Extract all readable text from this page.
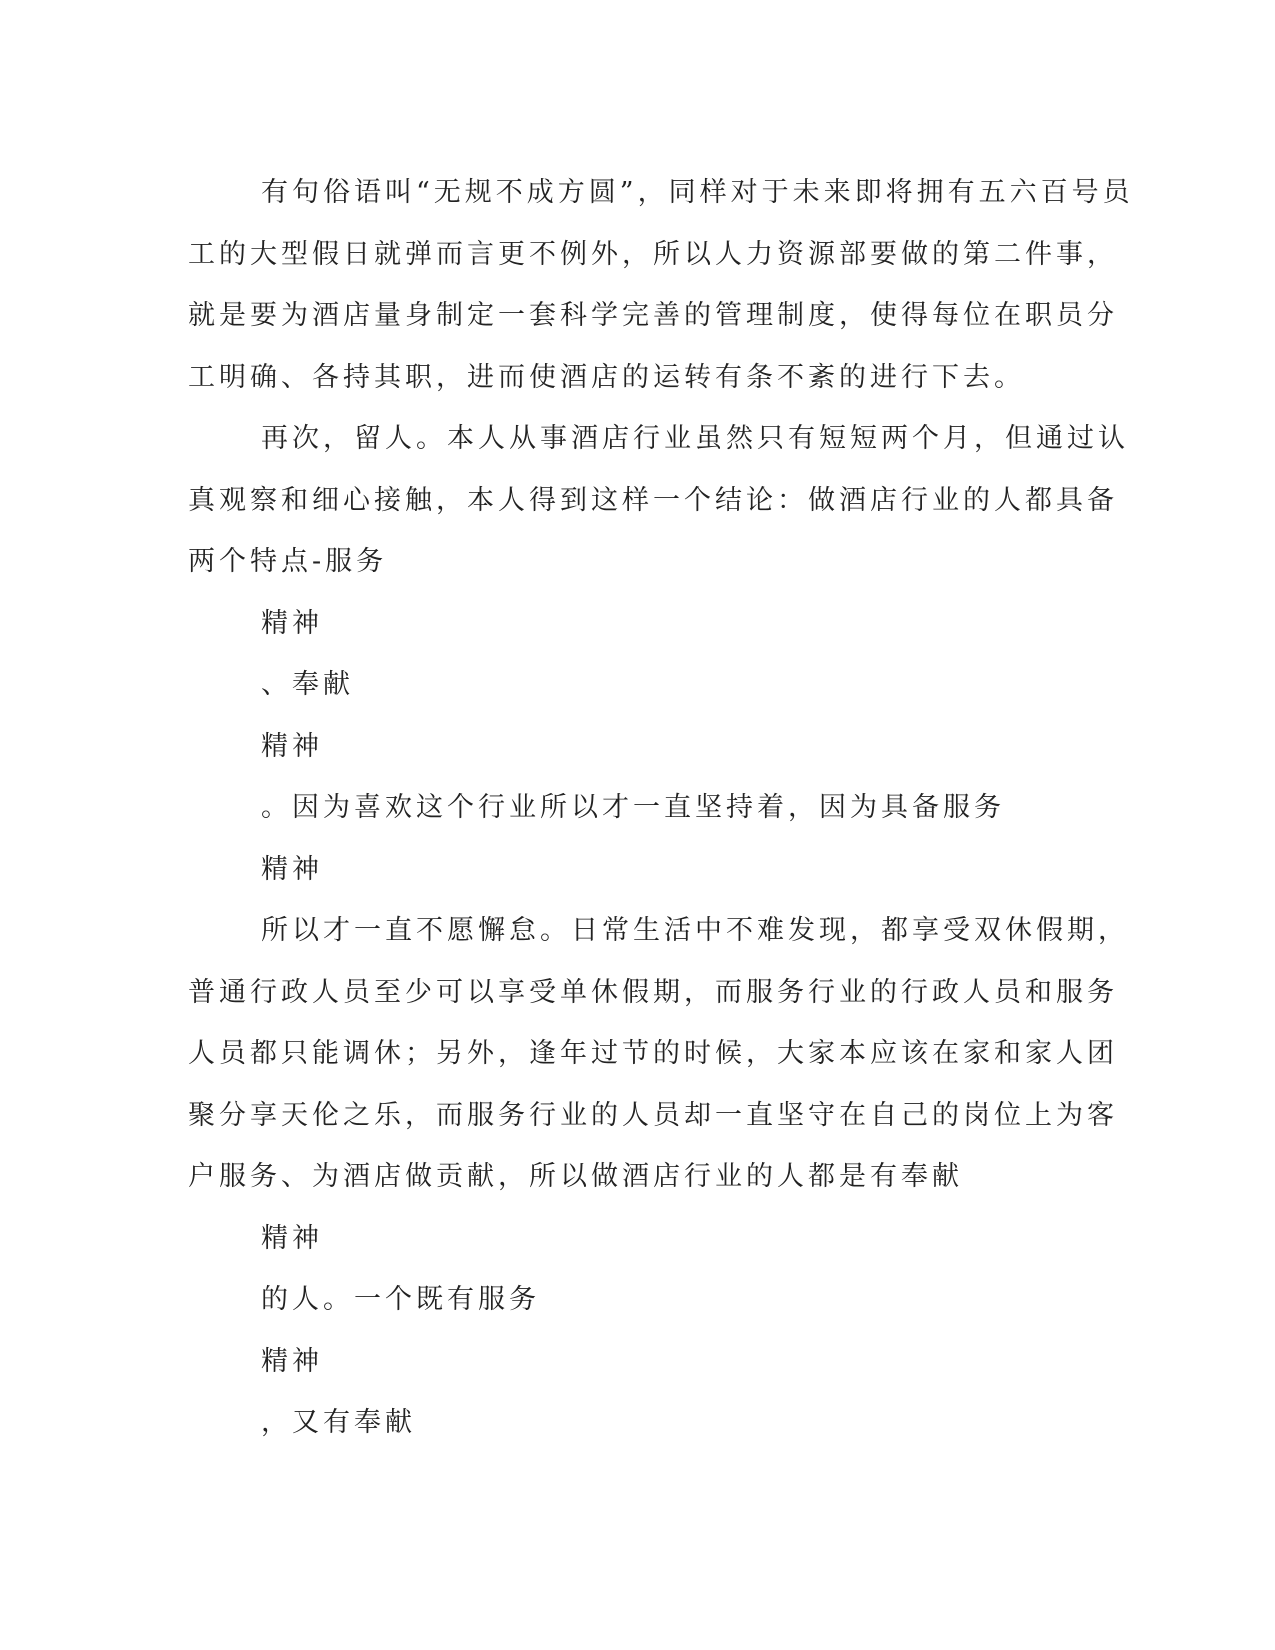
有句俗语叫“无规不成方圆”，同样对于未来即将拥有五六百号员
工的大型假日就弹而言更不例外，所以人力资源部要做的第二件事，
就是要为酒店量身制定一套科学完善的管理制度，使得每位在职员分
工明确、各持其职，进而使酒店的运转有条不紊的进行下去。
再次，留人。本人从事酒店行业虽然只有短短两个月，但通过认
真观察和细心接触，本人得到这样一个结论：做酒店行业的人都具备
两个特点-服务
精神
、奉献
精神
。因为喜欢这个行业所以才一直坚持着，因为具备服务
精神
所以才一直不愿懈怠。日常生活中不难发现，都享受双休假期，
普通行政人员至少可以享受单休假期，而服务行业的行政人员和服务
人员都只能调休；另外，逢年过节的时候，大家本应该在家和家人团
聚分享天伦之乐，而服务行业的人员却一直坚守在自己的岗位上为客
户服务、为酒店做贡献，所以做酒店行业的人都是有奉献
精神
的人。一个既有服务
精神
，又有奉献
